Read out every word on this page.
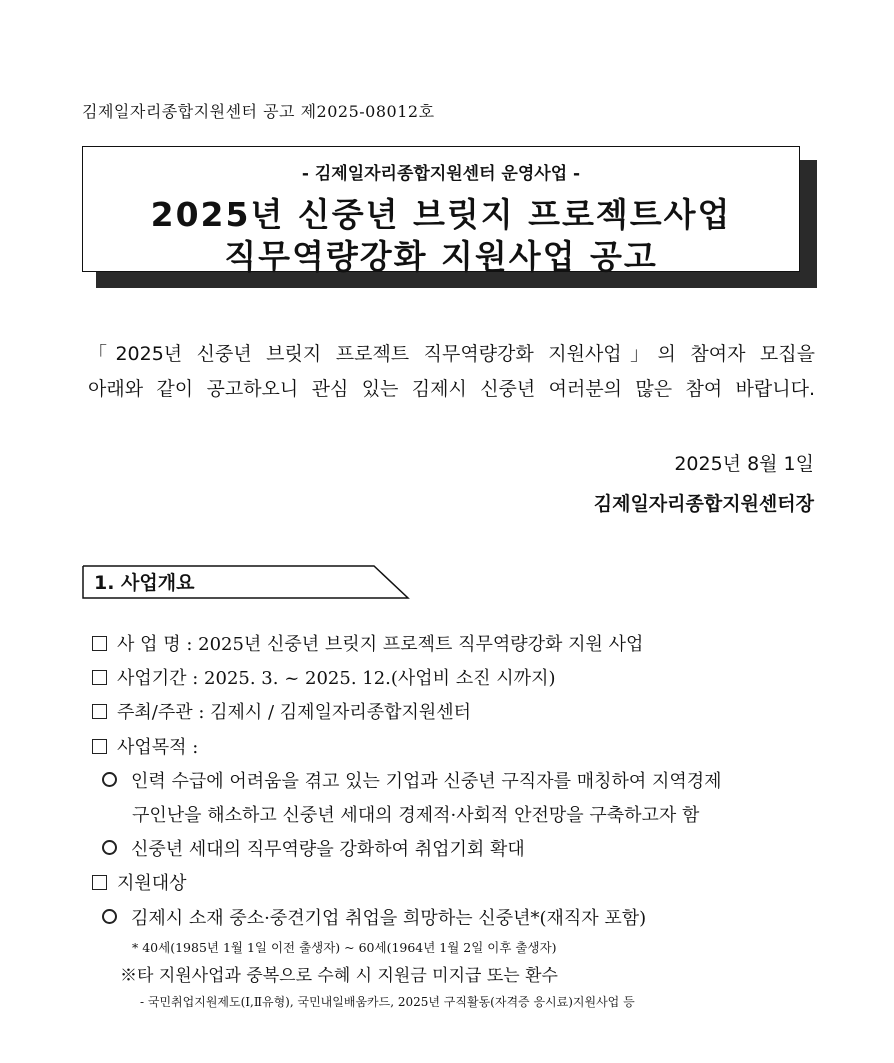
김제일자리종합지원센터 공고 제2025-08012호
- 김제일자리종합지원센터 운영사업 -
2025년 신중년 브릿지 프로젝트사업
직무역량강화 지원사업 공고
「2025년 신중년 브릿지 프로젝트 직무역량강화 지원사업」의 참여자 모집을
아래와 같이 공고하오니 관심 있는 김제시 신중년 여러분의 많은 참여 바랍니다.
2025년 8월 1일
김제일자리종합지원센터장
1. 사업개요
사 업 명 : 2025년 신중년 브릿지 프로젝트 직무역량강화 지원 사업
사업기간 : 2025. 3. ~ 2025. 12.(사업비 소진 시까지)
주최/주관 : 김제시 / 김제일자리종합지원센터
사업목적 :
인력 수급에 어려움을 겪고 있는 기업과 신중년 구직자를 매칭하여 지역경제
구인난을 해소하고 신중년 세대의 경제적·사회적 안전망을 구축하고자 함
신중년 세대의 직무역량을 강화하여 취업기회 확대
지원대상
김제시 소재 중소·중견기업 취업을 희망하는 신중년*(재직자 포함)
* 40세(1985년 1월 1일 이전 출생자) ~ 60세(1964년 1월 2일 이후 출생자)
※타 지원사업과 중복으로 수혜 시 지원금 미지급 또는 환수
- 국민취업지원제도(Ⅰ,Ⅱ유형), 국민내일배움카드, 2025년 구직활동(자격증 응시료)지원사업 등
